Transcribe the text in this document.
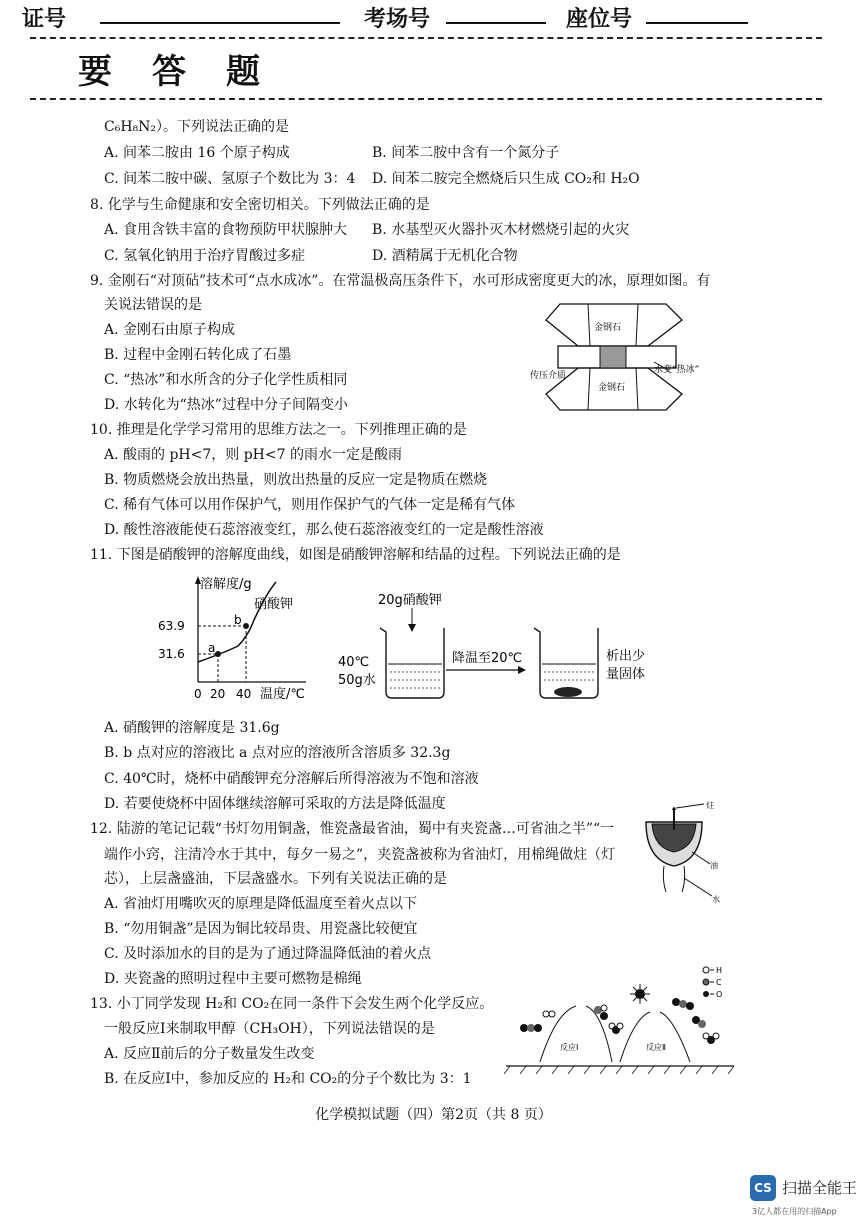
证号	考场号	座位号
要答题
C₆H₈N₂）。下列说法正确的是
A. 间苯二胺由 16 个原子构成	B. 间苯二胺中含有一个氮分子
C. 间苯二胺中碳、氢原子个数比为 3：4 D. 间苯二胺完全燃烧后只生成 CO₂和 H₂O
8. 化学与生命健康和安全密切相关。下列做法正确的是
A. 食用含铁丰富的食物预防甲状腺肿大 B. 水基型灭火器扑灭木材燃烧引起的火灾
C. 氢氧化钠用于治疗胃酸过多症	D. 酒精属于无机化合物
9. 金刚石“对顶砧”技术可“点水成冰”。在常温极高压条件下，水可形成密度更大的冰，原理如图。有
关说法错误的是
A. 金刚石由原子构成
B. 过程中金刚石转化成了石墨
C. “热冰”和水所含的分子化学性质相同
D. 水转化为“热冰”过程中分子间隔变小
金钢石
金钢石
传压介质
水变“热冰”
10. 推理是化学学习常用的思维方法之一。下列推理正确的是
A. 酸雨的 pH<7，则 pH<7 的雨水一定是酸雨
B. 物质燃烧会放出热量，则放出热量的反应一定是物质在燃烧
C. 稀有气体可以用作保护气，则用作保护气的气体一定是稀有气体
D. 酸性溶液能使石蕊溶液变红，那么使石蕊溶液变红的一定是酸性溶液
11. 下图是硝酸钾的溶解度曲线，如图是硝酸钾溶解和结晶的过程。下列说法正确的是
溶解度/g
硝酸钾
b
a
63.9
31.6
0 20 40 温度/℃
20g硝酸钾
40℃
50g水
降温至20℃	析出少
量固体
A. 硝酸钾的溶解度是 31.6g
B. b 点对应的溶液比 a 点对应的溶液所含溶质多 32.3g
C. 40℃时，烧杯中硝酸钾充分溶解后所得溶液为不饱和溶液
D. 若要使烧杯中固体继续溶解可采取的方法是降低温度
12. 陆游的笔记记载“书灯勿用铜盏，惟瓷盏最省油，蜀中有夹瓷盏…可省油之半”“一
端作小窍，注清冷水于其中，每夕一易之”，夹瓷盏被称为省油灯，用棉绳做炷（灯
芯），上层盏盛油，下层盏盛水。下列有关说法正确的是
A. 省油灯用嘴吹灭的原理是降低温度至着火点以下
B. “勿用铜盏”是因为铜比较昂贵、用瓷盏比较便宜
C. 及时添加水的目的是为了通过降温降低油的着火点
D. 夹瓷盏的照明过程中主要可燃物是棉绳
炷
油
水
13. 小丁同学发现 H₂和 CO₂在同一条件下会发生两个化学反应。
一般反应Ⅰ来制取甲醇（CH₃OH），下列说法错误的是
A. 反应Ⅱ前后的分子数量发生改变
B. 在反应Ⅰ中，参加反应的 H₂和 CO₂的分子个数比为 3：1
H
C
O
反应Ⅰ	反应Ⅱ
化学模拟试题（四）第2页（共 8 页）
CS 扫描全能王
3亿人都在用的扫描App
